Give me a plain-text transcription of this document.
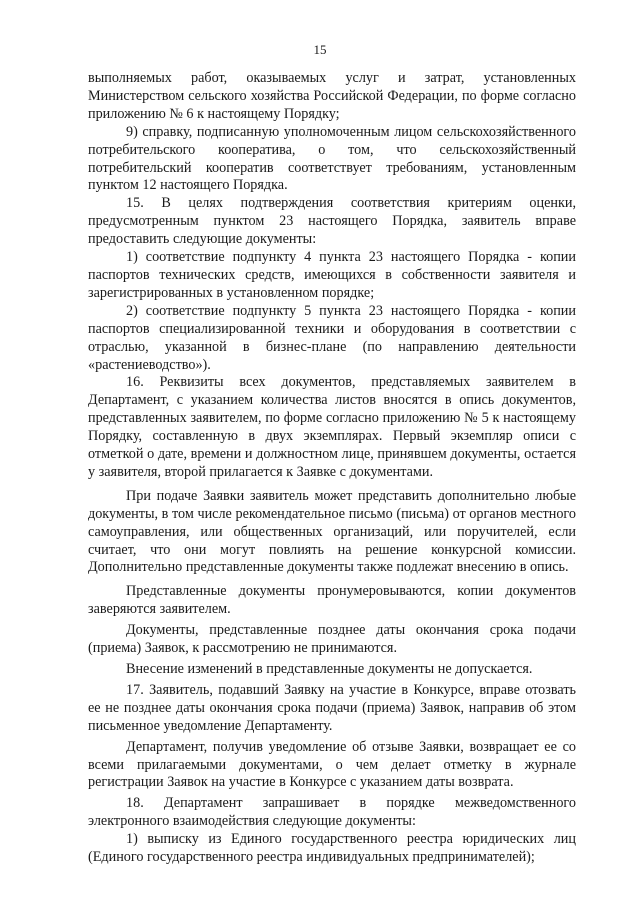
15

выполняемых работ, оказываемых услуг и затрат, установленных Министерством сельского хозяйства Российской Федерации, по форме согласно приложению № 6 к настоящему Порядку;

9) справку, подписанную уполномоченным лицом сельскохозяйственного потребительского кооператива, о том, что сельскохозяйственный потребительский кооператив соответствует требованиям, установленным пунктом 12 настоящего Порядка.

15. В целях подтверждения соответствия критериям оценки, предусмотренным пунктом 23 настоящего Порядка, заявитель вправе предоставить следующие документы:

1) соответствие подпункту 4 пункта 23 настоящего Порядка - копии паспортов технических средств, имеющихся в собственности заявителя и зарегистрированных в установленном порядке;

2) соответствие подпункту 5 пункта 23 настоящего Порядка - копии паспортов специализированной техники и оборудования в соответствии с отраслью, указанной в бизнес-плане (по направлению деятельности «растениеводство»).

16. Реквизиты всех документов, представляемых заявителем в Департамент, с указанием количества листов вносятся в опись документов, представленных заявителем, по форме согласно приложению № 5 к настоящему Порядку, составленную в двух экземплярах. Первый экземпляр описи с отметкой о дате, времени и должностном лице, принявшем документы, остается у заявителя, второй прилагается к Заявке с документами.

При подаче Заявки заявитель может представить дополнительно любые документы, в том числе рекомендательное письмо (письма) от органов местного самоуправления, или общественных организаций, или поручителей, если считает, что они могут повлиять на решение конкурсной комиссии. Дополнительно представленные документы также подлежат внесению в опись.

Представленные документы пронумеровываются, копии документов заверяются заявителем.

Документы, представленные позднее даты окончания срока подачи (приема) Заявок, к рассмотрению не принимаются.

Внесение изменений в представленные документы не допускается.

17. Заявитель, подавший Заявку на участие в Конкурсе, вправе отозвать ее не позднее даты окончания срока подачи (приема) Заявок, направив об этом письменное уведомление Департаменту.

Департамент, получив уведомление об отзыве Заявки, возвращает ее со всеми прилагаемыми документами, о чем делает отметку в журнале регистрации Заявок на участие в Конкурсе с указанием даты возврата.

18. Департамент запрашивает в порядке межведомственного электронного взаимодействия следующие документы:

1) выписку из Единого государственного реестра юридических лиц (Единого государственного реестра индивидуальных предпринимателей);
